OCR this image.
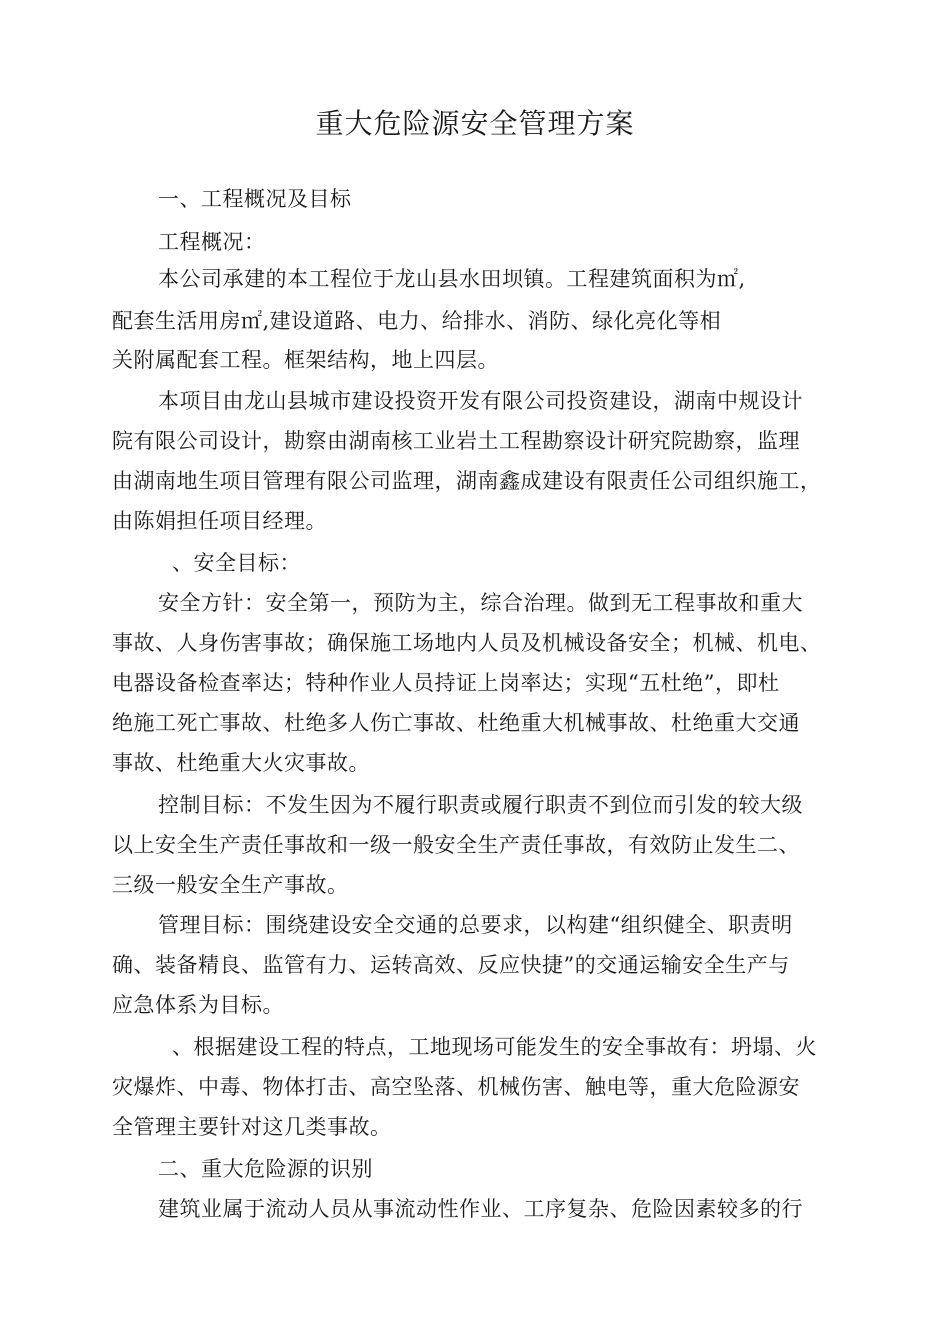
重大危险源安全管理方案
一、工程概况及目标
工程概况：
本公司承建的本工程位于龙山县水田坝镇。工程建筑面积为㎡,
配套生活用房㎡,建设道路、电力、给排水、消防、绿化亮化等相
关附属配套工程。框架结构，地上四层。
本项目由龙山县城市建设投资开发有限公司投资建设，湖南中规设计
院有限公司设计，勘察由湖南核工业岩土工程勘察设计研究院勘察，监理
由湖南地生项目管理有限公司监理，湖南鑫成建设有限责任公司组织施工，
由陈娟担任项目经理。
、安全目标：
安全方针：安全第一，预防为主，综合治理。做到无工程事故和重大
事故、人身伤害事故；确保施工场地内人员及机械设备安全；机械、机电、
电器设备检查率达；特种作业人员持证上岗率达；实现“五杜绝”，即杜
绝施工死亡事故、杜绝多人伤亡事故、杜绝重大机械事故、杜绝重大交通
事故、杜绝重大火灾事故。
控制目标：不发生因为不履行职责或履行职责不到位而引发的较大级
以上安全生产责任事故和一级一般安全生产责任事故，有效防止发生二、
三级一般安全生产事故。
管理目标：围绕建设安全交通的总要求，以构建“组织健全、职责明
确、装备精良、监管有力、运转高效、反应快捷”的交通运输安全生产与
应急体系为目标。
、根据建设工程的特点，工地现场可能发生的安全事故有：坍塌、火
灾爆炸、中毒、物体打击、高空坠落、机械伤害、触电等，重大危险源安
全管理主要针对这几类事故。
二、重大危险源的识别
建筑业属于流动人员从事流动性作业、工序复杂、危险因素较多的行
